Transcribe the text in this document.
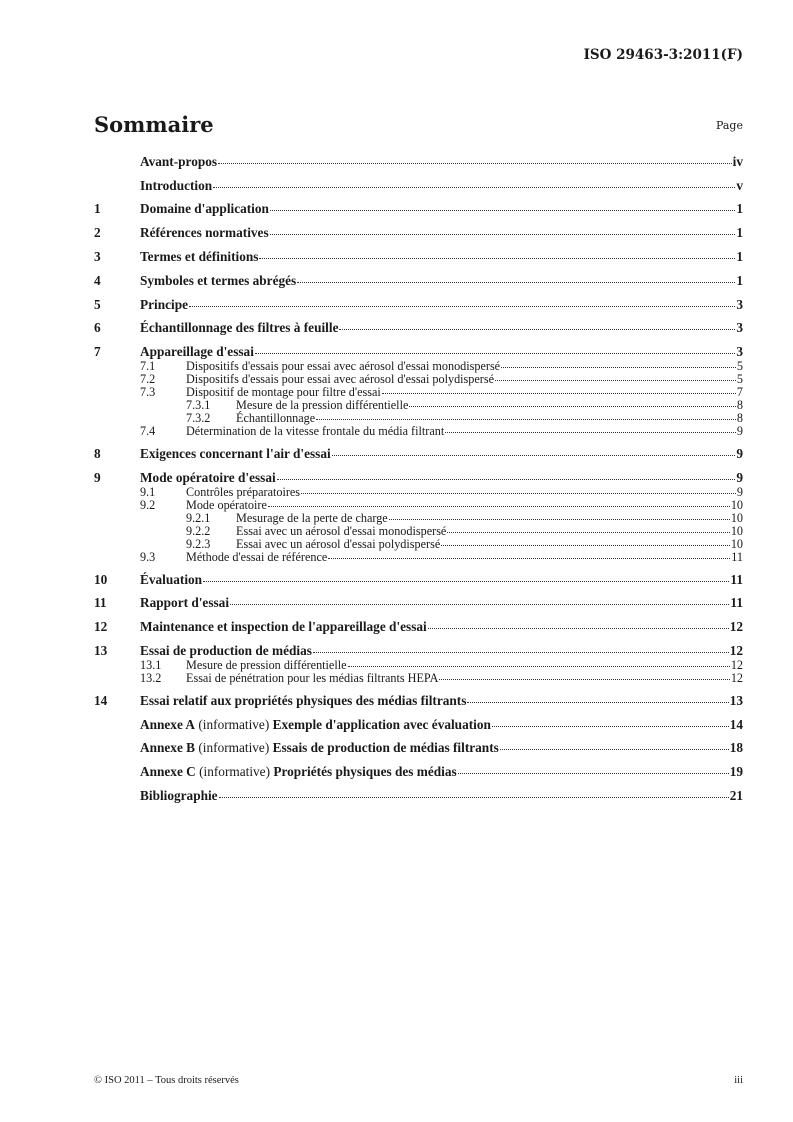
ISO 29463-3:2011(F)
Sommaire	Page
Avant-propos	iv
Introduction	v
1	Domaine d'application	1
2	Références normatives	1
3	Termes et définitions	1
4	Symboles et termes abrégés	1
5	Principe	3
6	Échantillonnage des filtres à feuille	3
7	Appareillage d'essai	3
7.1	Dispositifs d'essais pour essai avec aérosol d'essai monodispersé	5
7.2	Dispositifs d'essais pour essai avec aérosol d'essai polydispersé	5
7.3	Dispositif de montage pour filtre d'essai	7
7.3.1	Mesure de la pression différentielle	8
7.3.2	Échantillonnage	8
7.4	Détermination de la vitesse frontale du média filtrant	9
8	Exigences concernant l'air d'essai	9
9	Mode opératoire d'essai	9
9.1	Contrôles préparatoires	9
9.2	Mode opératoire	10
9.2.1	Mesurage de la perte de charge	10
9.2.2	Essai avec un aérosol d'essai monodispersé	10
9.2.3	Essai avec un aérosol d'essai polydispersé	10
9.3	Méthode d'essai de référence	11
10	Évaluation	11
11	Rapport d'essai	11
12	Maintenance et inspection de l'appareillage d'essai	12
13	Essai de production de médias	12
13.1	Mesure de pression différentielle	12
13.2	Essai de pénétration pour les médias filtrants HEPA	12
14	Essai relatif aux propriétés physiques des médias filtrants	13
Annexe A (informative) Exemple d'application avec évaluation	14
Annexe B (informative) Essais de production de médias filtrants	18
Annexe C (informative) Propriétés physiques des médias	19
Bibliographie	21
© ISO 2011 – Tous droits réservés	iii
